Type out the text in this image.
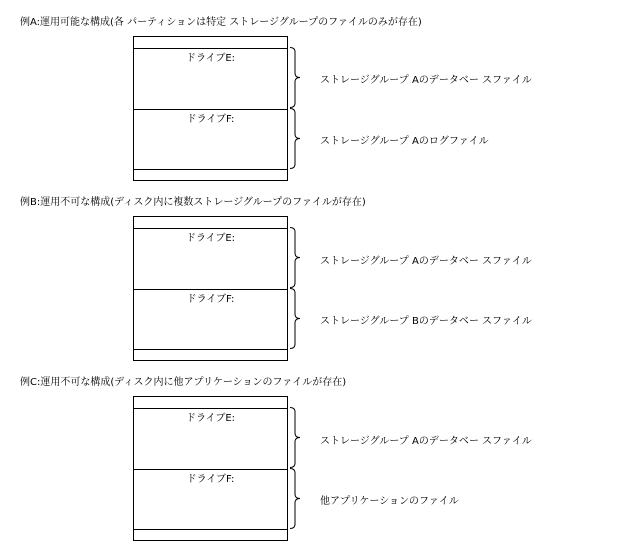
例A:運用可能な構成(各 パーティションは特定 ストレージグループのファイルのみが存在)
ドライブE:
ドライブF:
ストレージグループ Aのデータベー スファイル
ストレージグループ Aのログファイル
例B:運用不可な構成(ディスク内に複数ストレージグループのファイルが存在)
ドライブE:
ドライブF:
ストレージグループ Aのデータベー スファイル
ストレージグループ Bのデータベー スファイル
例C:運用不可な構成(ディスク内に他アプリケーションのファイルが存在)
ドライブE:
ドライブF:
ストレージグループ Aのデータベー スファイル
他アプリケーションのファイル
